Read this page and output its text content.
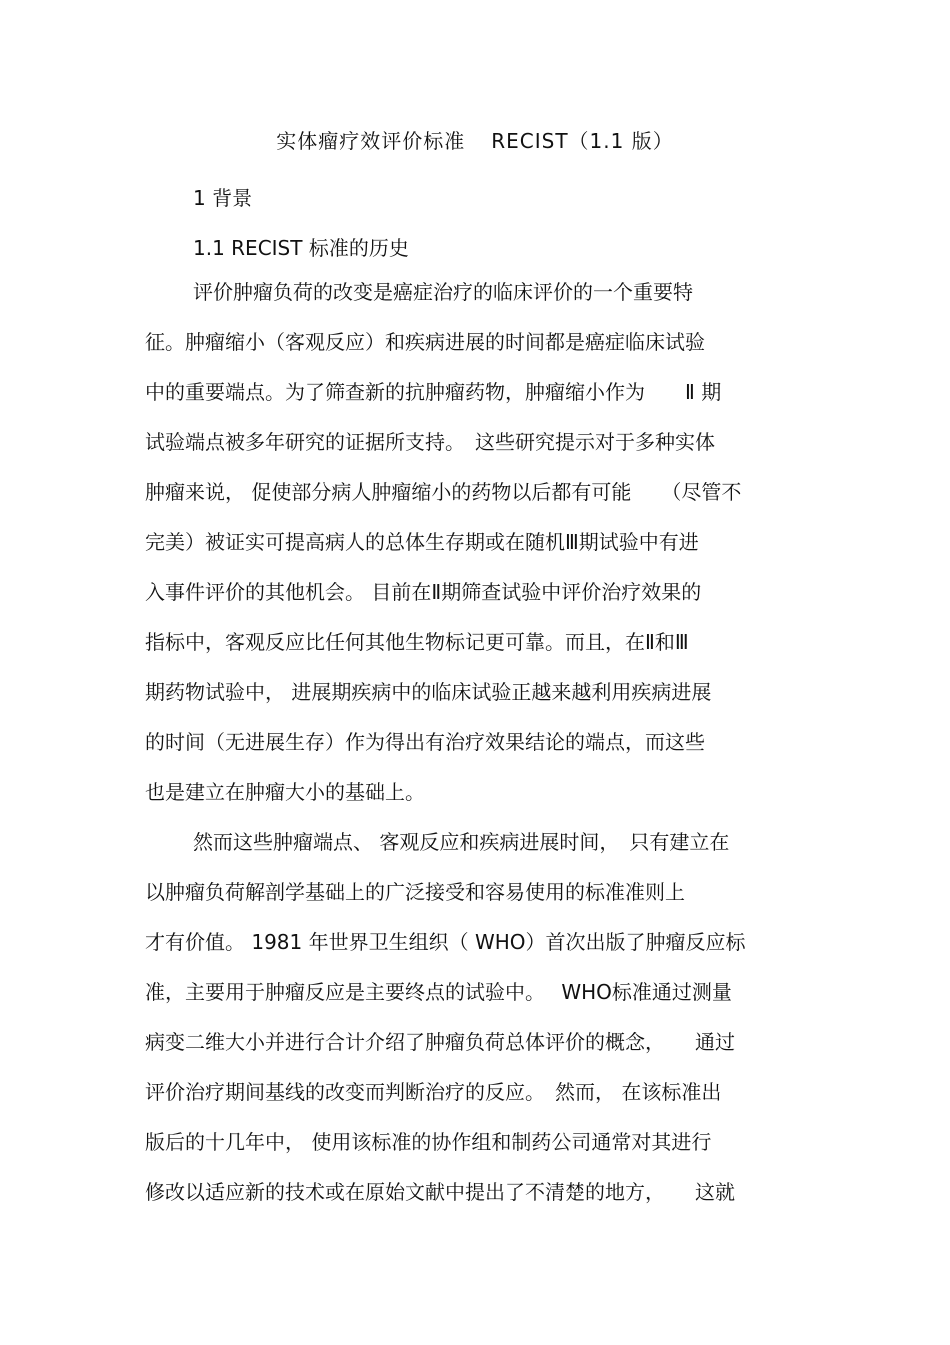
实体瘤疗效评价标准 RECIST（1.1 版）
1 背景
1.1 RECIST 标准的历史
评价肿瘤负荷的改变是癌症治疗的临床评价的一个重要特
征。肿瘤缩小（客观反应）和疾病进展的时间都是癌症临床试验
中的重要端点。为了筛查新的抗肿瘤药物，肿瘤缩小作为　　Ⅱ 期
试验端点被多年研究的证据所支持。　这些研究提示对于多种实体
肿瘤来说， 促使部分病人肿瘤缩小的药物以后都有可能　　（尽管不
完美）被证实可提高病人的总体生存期或在随机Ⅲ期试验中有进
入事件评价的其他机会。 目前在Ⅱ期筛查试验中评价治疗效果的
指标中，客观反应比任何其他生物标记更可靠。而且，在Ⅱ和Ⅲ
期药物试验中， 进展期疾病中的临床试验正越来越利用疾病进展
的时间（无进展生存）作为得出有治疗效果结论的端点，而这些
也是建立在肿瘤大小的基础上。
然而这些肿瘤端点、 客观反应和疾病进展时间，　只有建立在
以肿瘤负荷解剖学基础上的广泛接受和容易使用的标准准则上
才有价值。 1981 年世界卫生组织（ WHO）首次出版了肿瘤反应标
准，主要用于肿瘤反应是主要终点的试验中。　 WHO标准通过测量
病变二维大小并进行合计介绍了肿瘤负荷总体评价的概念，　　通过
评价治疗期间基线的改变而判断治疗的反应。　然而， 在该标准出
版后的十几年中， 使用该标准的协作组和制药公司通常对其进行
修改以适应新的技术或在原始文献中提出了不清楚的地方，　　这就
